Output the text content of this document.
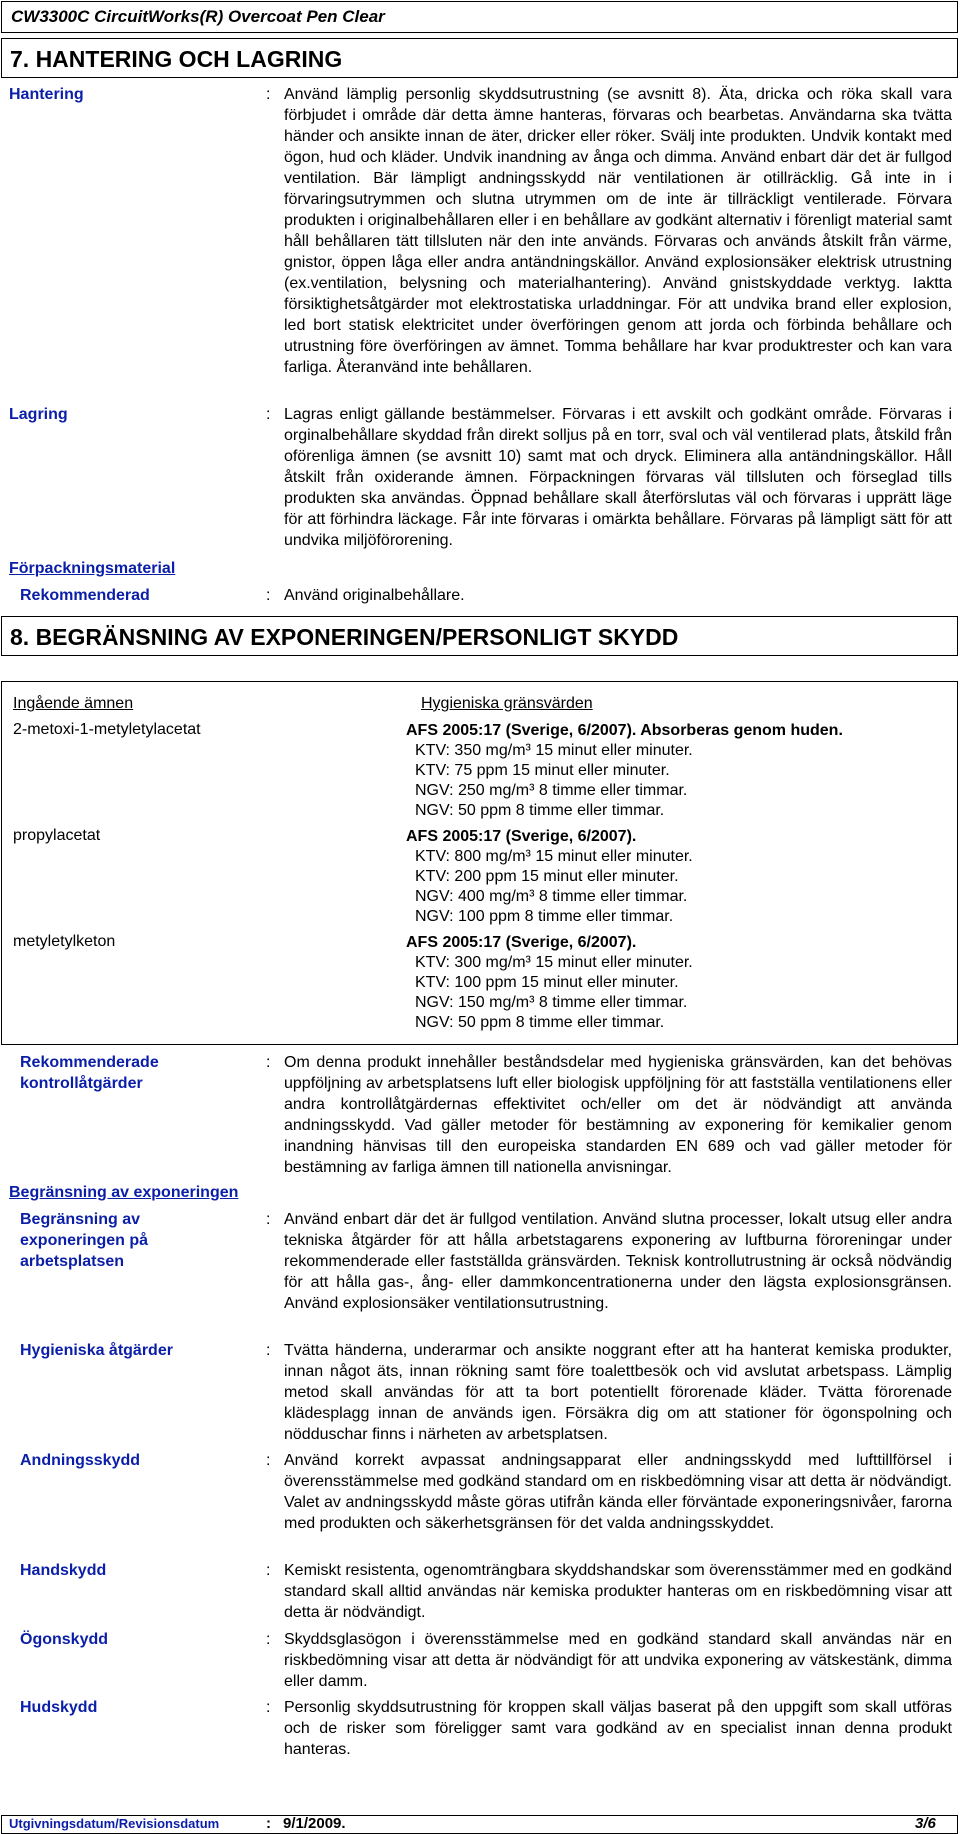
CW3300C CircuitWorks(R) Overcoat Pen Clear
7. HANTERING OCH LAGRING
Hantering	: Använd lämplig personlig skyddsutrustning (se avsnitt 8). Äta, dricka och röka skall vara förbjudet i område där detta ämne hanteras, förvaras och bearbetas. Användarna ska tvätta händer och ansikte innan de äter, dricker eller röker. Svälj inte produkten. Undvik kontakt med ögon, hud och kläder. Undvik inandning av ånga och dimma. Använd enbart där det är fullgod ventilation. Bär lämpligt andningsskydd när ventilationen är otillräcklig. Gå inte in i förvaringsutrymmen och slutna utrymmen om de inte är tillräckligt ventilerade. Förvara produkten i originalbehållaren eller i en behållare av godkänt alternativ i förenligt material samt håll behållaren tätt tillsluten när den inte används. Förvaras och används åtskilt från värme, gnistor, öppen låga eller andra antändningskällor. Använd explosionsäker elektrisk utrustning (ex.ventilation, belysning och materialhantering). Använd gnistskyddade verktyg. Iaktta försiktighetsåtgärder mot elektrostatiska urladdningar. För att undvika brand eller explosion, led bort statisk elektricitet under överföringen genom att jorda och förbinda behållare och utrustning före överföringen av ämnet. Tomma behållare har kvar produktrester och kan vara farliga. Återanvänd inte behållaren.
Lagring	: Lagras enligt gällande bestämmelser. Förvaras i ett avskilt och godkänt område. Förvaras i orginalbehållare skyddad från direkt solljus på en torr, sval och väl ventilerad plats, åtskild från oförenliga ämnen (se avsnitt 10) samt mat och dryck. Eliminera alla antändningskällor. Håll åtskilt från oxiderande ämnen. Förpackningen förvaras väl tillsluten och förseglad tills produkten ska användas. Öppnad behållare skall återförslutas väl och förvaras i upprätt läge för att förhindra läckage. Får inte förvaras i omärkta behållare. Förvaras på lämpligt sätt för att undvika miljöförorening.
Förpackningsmaterial
Rekommenderad	: Använd originalbehållare.
8. BEGRÄNSNING AV EXPONERINGEN/PERSONLIGT SKYDD
Ingående ämnen	Hygieniska gränsvärden
2-metoxi-1-metyletylacetat	AFS 2005:17 (Sverige, 6/2007). Absorberas genom huden.
KTV: 350 mg/m³ 15 minut eller minuter.
KTV: 75 ppm 15 minut eller minuter.
NGV: 250 mg/m³ 8 timme eller timmar.
NGV: 50 ppm 8 timme eller timmar.
propylacetat	AFS 2005:17 (Sverige, 6/2007).
KTV: 800 mg/m³ 15 minut eller minuter.
KTV: 200 ppm 15 minut eller minuter.
NGV: 400 mg/m³ 8 timme eller timmar.
NGV: 100 ppm 8 timme eller timmar.
metyletylketon	AFS 2005:17 (Sverige, 6/2007).
KTV: 300 mg/m³ 15 minut eller minuter.
KTV: 100 ppm 15 minut eller minuter.
NGV: 150 mg/m³ 8 timme eller timmar.
NGV: 50 ppm 8 timme eller timmar.
Rekommenderade
kontrollåtgärder
: Om denna produkt innehåller beståndsdelar med hygieniska gränsvärden, kan det behövas uppföljning av arbetsplatsens luft eller biologisk uppföljning för att fastställa ventilationens eller andra kontrollåtgärdernas effektivitet och/eller om det är nödvändigt att använda andningsskydd. Vad gäller metoder för bestämning av exponering för kemikalier genom inandning hänvisas till den europeiska standarden EN 689 och vad gäller metoder för bestämning av farliga ämnen till nationella anvisningar.
Begränsning av exponeringen
Begränsning av
exponeringen på
arbetsplatsen
: Använd enbart där det är fullgod ventilation. Använd slutna processer, lokalt utsug eller andra tekniska åtgärder för att hålla arbetstagarens exponering av luftburna föroreningar under rekommenderade eller fastställda gränsvärden. Teknisk kontrollutrustning är också nödvändig för att hålla gas-, ång- eller dammkoncentrationerna under den lägsta explosionsgränsen. Använd explosionsäker ventilationsutrustning.
Hygieniska åtgärder	: Tvätta händerna, underarmar och ansikte noggrant efter att ha hanterat kemiska produkter, innan något äts, innan rökning samt före toalettbesök och vid avslutat arbetspass. Lämplig metod skall användas för att ta bort potentiellt förorenade kläder. Tvätta förorenade klädesplagg innan de används igen. Försäkra dig om att stationer för ögonspolning och nödduschar finns i närheten av arbetsplatsen.
Andningsskydd	: Använd korrekt avpassat andningsapparat eller andningsskydd med lufttillförsel i överensstämmelse med godkänd standard om en riskbedömning visar att detta är nödvändigt. Valet av andningsskydd måste göras utifrån kända eller förväntade exponeringsnivåer, farorna med produkten och säkerhetsgränsen för det valda andningsskyddet.
Handskydd	: Kemiskt resistenta, ogenomträngbara skyddshandskar som överensstämmer med en godkänd standard skall alltid användas när kemiska produkter hanteras om en riskbedömning visar att detta är nödvändigt.
Ögonskydd	: Skyddsglasögon i överensstämmelse med en godkänd standard skall användas när en riskbedömning visar att detta är nödvändigt för att undvika exponering av vätskestänk, dimma eller damm.
Hudskydd	: Personlig skyddsutrustning för kroppen skall väljas baserat på den uppgift som skall utföras och de risker som föreligger samt vara godkänd av en specialist innan denna produkt hanteras.
Utgivningsdatum/Revisionsdatum	: 9/1/2009.	3/6
